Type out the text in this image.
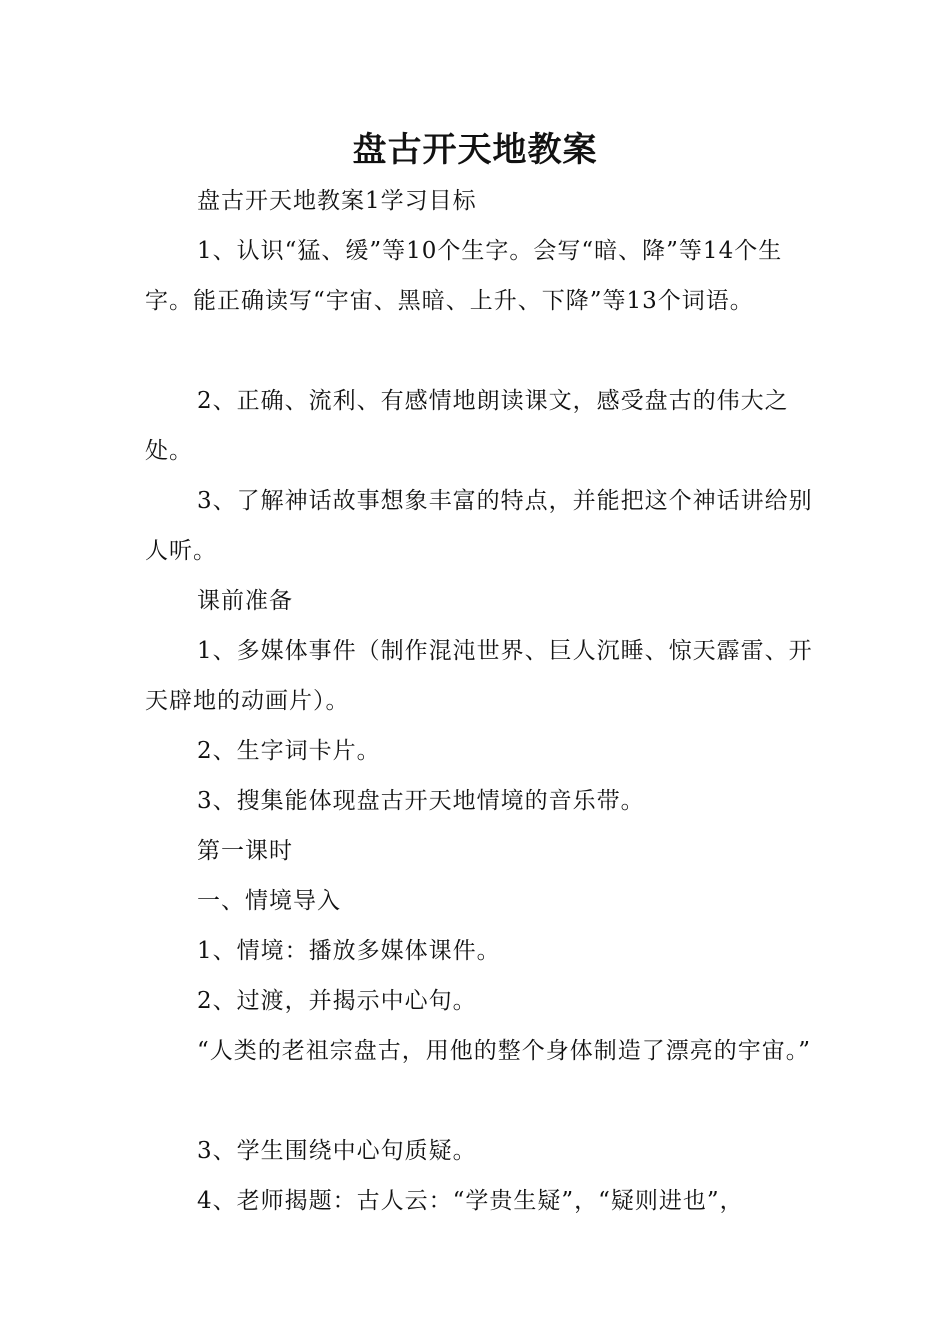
盘古开天地教案

盘古开天地教案1学习目标

1、认识“猛、缓”等10个生字。会写“暗、降”等14个生字。能正确读写“宇宙、黑暗、上升、下降”等13个词语。

2、正确、流利、有感情地朗读课文，感受盘古的伟大之处。

3、了解神话故事想象丰富的特点，并能把这个神话讲给别人听。

课前准备

1、多媒体事件（制作混沌世界、巨人沉睡、惊天霹雷、开天辟地的动画片）。

2、生字词卡片。

3、搜集能体现盘古开天地情境的音乐带。

第一课时

一、情境导入

1、情境：播放多媒体课件。

2、过渡，并揭示中心句。

“人类的老祖宗盘古，用他的整个身体制造了漂亮的宇宙。”

3、学生围绕中心句质疑。

4、老师揭题：古人云：“学贵生疑”，“疑则进也”，
